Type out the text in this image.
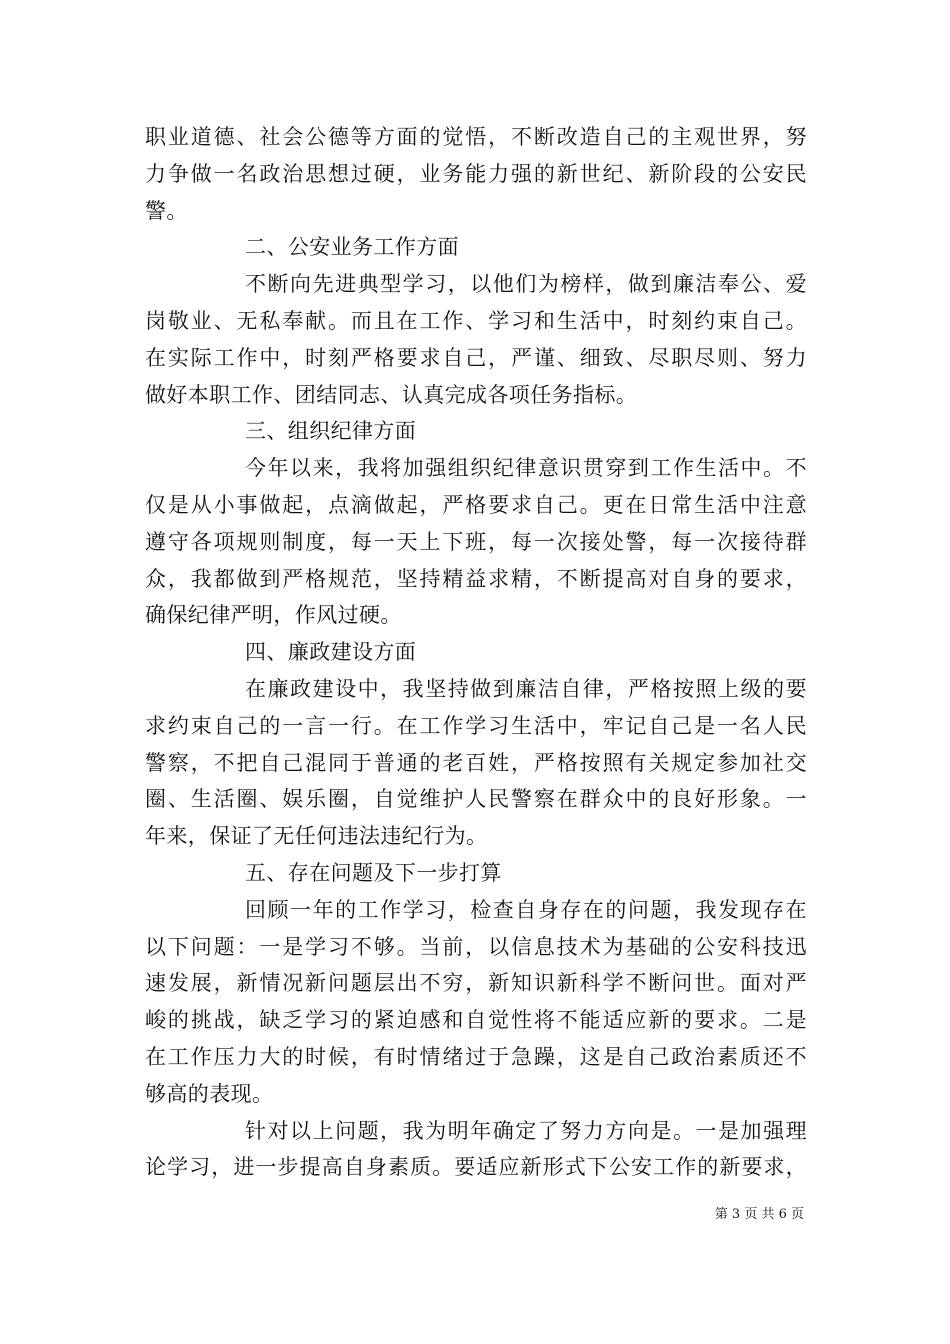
职业道德、社会公德等方面的觉悟，不断改造自己的主观世界，努
力争做一名政治思想过硬，业务能力强的新世纪、新阶段的公安民
警。
二、公安业务工作方面
不断向先进典型学习，以他们为榜样，做到廉洁奉公、爱
岗敬业、无私奉献。而且在工作、学习和生活中，时刻约束自己。
在实际工作中，时刻严格要求自己，严谨、细致、尽职尽则、努力
做好本职工作、团结同志、认真完成各项任务指标。
三、组织纪律方面
今年以来，我将加强组织纪律意识贯穿到工作生活中。不
仅是从小事做起，点滴做起，严格要求自己。更在日常生活中注意
遵守各项规则制度，每一天上下班，每一次接处警，每一次接待群
众，我都做到严格规范，坚持精益求精，不断提高对自身的要求，
确保纪律严明，作风过硬。
四、廉政建设方面
在廉政建设中，我坚持做到廉洁自律，严格按照上级的要
求约束自己的一言一行。在工作学习生活中，牢记自己是一名人民
警察，不把自己混同于普通的老百姓，严格按照有关规定参加社交
圈、生活圈、娱乐圈，自觉维护人民警察在群众中的良好形象。一
年来，保证了无任何违法违纪行为。
五、存在问题及下一步打算
回顾一年的工作学习，检查自身存在的问题，我发现存在
以下问题：一是学习不够。当前，以信息技术为基础的公安科技迅
速发展，新情况新问题层出不穷，新知识新科学不断问世。面对严
峻的挑战，缺乏学习的紧迫感和自觉性将不能适应新的要求。二是
在工作压力大的时候，有时情绪过于急躁，这是自己政治素质还不
够高的表现。
针对以上问题，我为明年确定了努力方向是。一是加强理
论学习，进一步提高自身素质。要适应新形式下公安工作的新要求，
第 3 页 共 6 页
